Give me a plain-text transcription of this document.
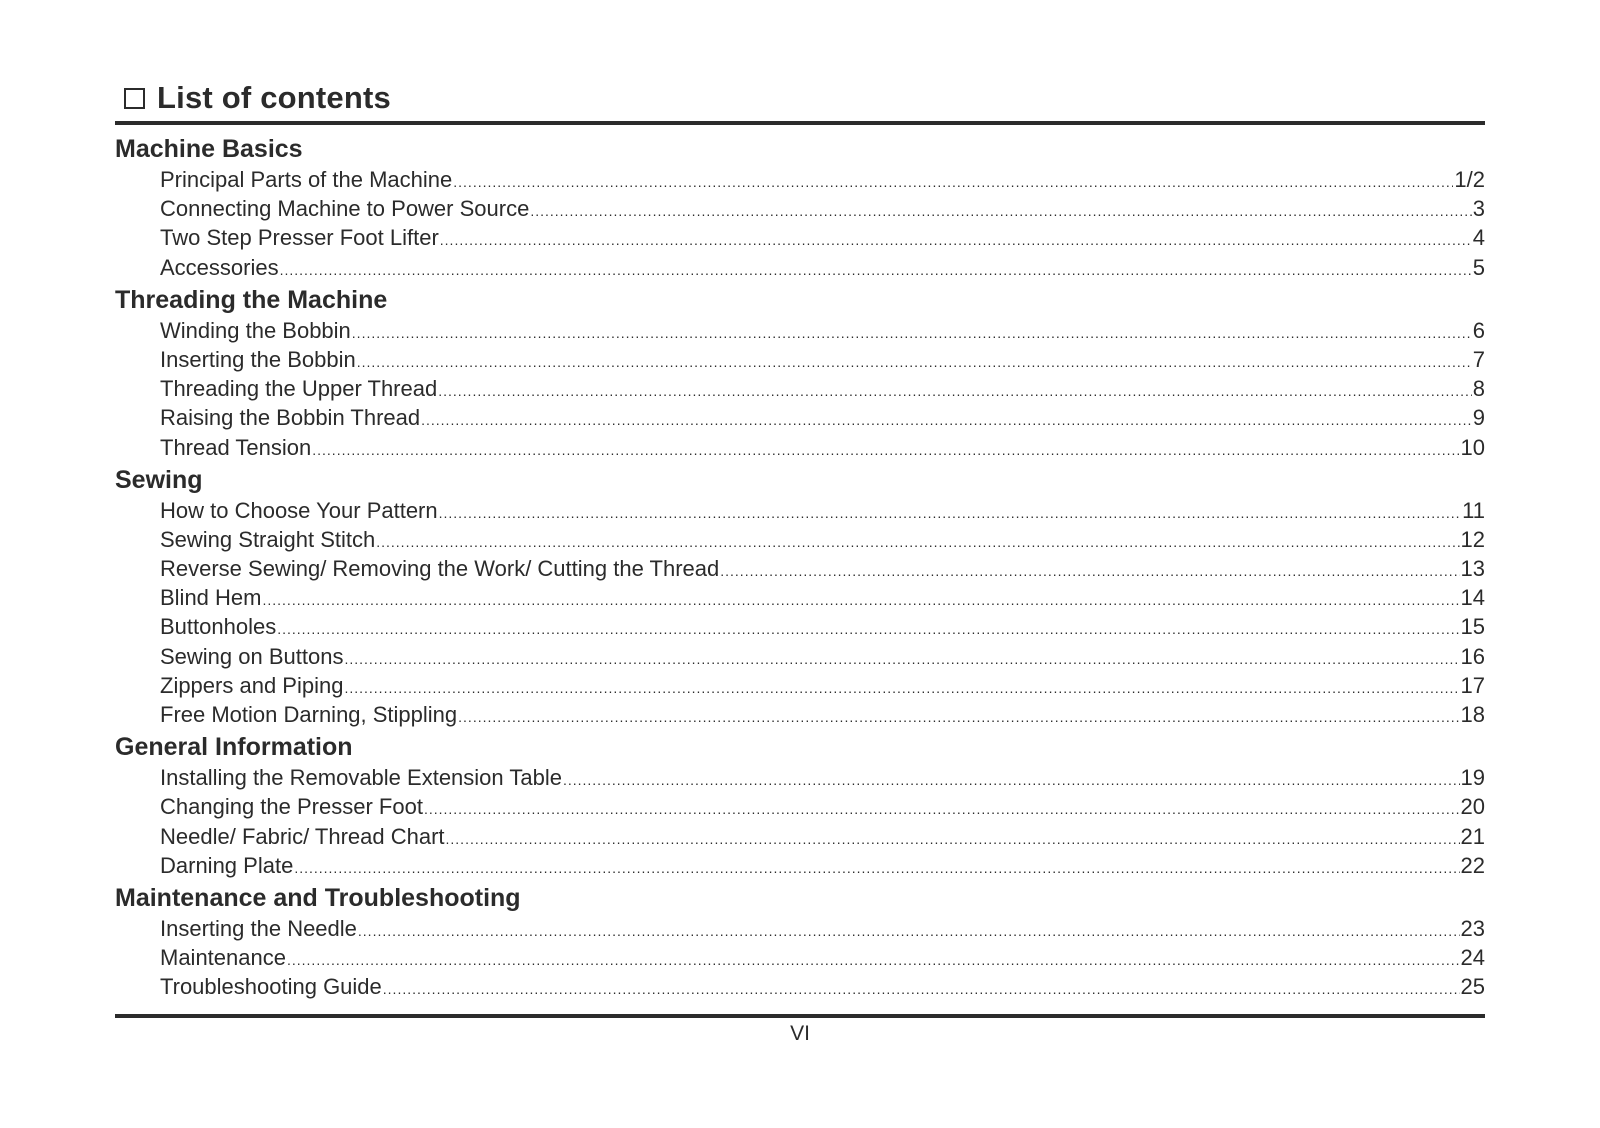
List of contents
Machine Basics
Principal Parts of the Machine .....	1/2
Connecting Machine to Power Source .....	3
Two Step Presser Foot Lifter .....	4
Accessories .....	5
Threading the Machine
Winding the Bobbin .....	6
Inserting the Bobbin .....	7
Threading the Upper Thread .....	8
Raising the Bobbin Thread .....	9
Thread Tension .....	10
Sewing
How to Choose Your Pattern .....	11
Sewing Straight Stitch .....	12
Reverse Sewing/ Removing the Work/ Cutting the Thread .....	13
Blind Hem .....	14
Buttonholes .....	15
Sewing on Buttons .....	16
Zippers and Piping .....	17
Free Motion Darning, Stippling .....	18
General Information
Installing the Removable Extension Table .....	19
Changing the Presser Foot .....	20
Needle/ Fabric/ Thread Chart .....	21
Darning Plate .....	22
Maintenance and Troubleshooting
Inserting the Needle .....	23
Maintenance .....	24
Troubleshooting Guide .....	25
VI
